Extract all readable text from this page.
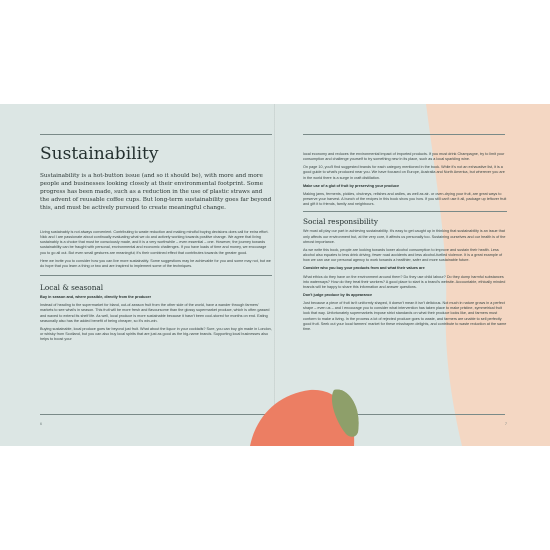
Sustainability

Sustainability is a hot-button issue (and so it should be), with more and more people and businesses looking closely at their environmental footprint. Some progress has been made, such as a reduction in the use of plastic straws and the advent of reusable coffee cups. But long-term sustainability goes far beyond this, and must be actively pursued to create meaningful change.

Living sustainably is not always convenient. Contributing to waste reduction and making mindful buying decisions does call for extra effort. Nick and I are passionate about continually evaluating what we do and actively working towards positive change. We agree that living sustainably is a choice that must be consciously made, and it is a very worthwhile – even essential – one. However, the journey towards sustainability can be fraught with personal, environmental and economic challenges. If you have loads of time and money, we encourage you to go all out. But even small gestures are meaningful; it's their combined effect that contributes towards the greater good.

Here we invite you to consider how you can live more sustainably. Some suggestions may be achievable for you and some may not, but we do hope that you learn a thing or two and are inspired to implement some of the techniques.

Local & seasonal

Buy in season and, where possible, directly from the producer

Instead of heading to the supermarket for bland, out-of-season fruit from the other side of the world, have a wander through farmers' markets to see what's in season. This fruit will be more fresh and flavoursome than the glossy supermarket produce, which is often gassed and waxed to extend its shelf life. As well, local produce is more sustainable because it hasn't been cool-stored for months on end. Eating seasonally also has the added benefit of being cheaper, so it's win-win.

Buying sustainable, local produce goes far beyond just fruit. What about the liquor in your cocktails? Sure, you can buy gin made in London, or whisky from Scotland, but you can also buy local spirits that are just as good as the big-name brands. Supporting local businesses also helps to boost your

6

local economy and reduces the environmental impact of imported products. If you must drink Champagne, try to limit your consumption and challenge yourself to try something new in its place, such as a local sparkling wine.

On page 10, you'll find suggested brands for each category mentioned in the book. While it's not an exhaustive list, it is a good guide to what's produced near you. We have focused on Europe, Australia and North America, but wherever you are in the world there is a surge in craft distillation.

Make use of a glut of fruit by preserving your produce

Making jams, ferments, pickles, chutneys, relishes and ardles, as well as air- or oven-drying your fruit, are great ways to preserve your harvest. A bunch of the recipes in this book show you how. If you still can't use it all, package up leftover fruit and gift it to friends, family and neighbours.

Social responsibility

We must all play our part in achieving sustainability. It's easy to get caught up in thinking that sustainability is an issue that only affects our environment but, at the very core, it affects us personally too. Sustaining ourselves and our health is of the utmost importance.

As we write this book, people are looking towards lower alcohol consumption to improve and sustain their health. Less alcohol also equates to less drink driving, fewer road accidents and less alcohol-fuelled violence. It is a great example of how we can use our personal agency to work towards a healthier, safer and more sustainable future.

Consider who you buy your products from and what their values are

What ethics do they have on the environment around them? Do they use child labour? Do they dump harmful substances into waterways? How do they treat their workers? A good place to start is a brand's website. Accountable, ethically minded brands will be happy to share this information and answer questions.

Don't judge produce by its appearance

Just because a piece of fruit isn't uniformly shaped, it doesn't mean it isn't delicious. Not much in nature grows in a perfect shape – even us – and I encourage you to consider what intervention has taken place to make pristine, symmetrical fruit look that way. Unfortunately supermarkets impose strict standards on what their produce looks like, and farmers must conform to make a living. In the process a lot of rejected produce goes to waste, and farmers are unable to sell perfectly good fruit. Seek out your local farmers' market for these misshapen delights, and contribute to waste reduction at the same time.

7
